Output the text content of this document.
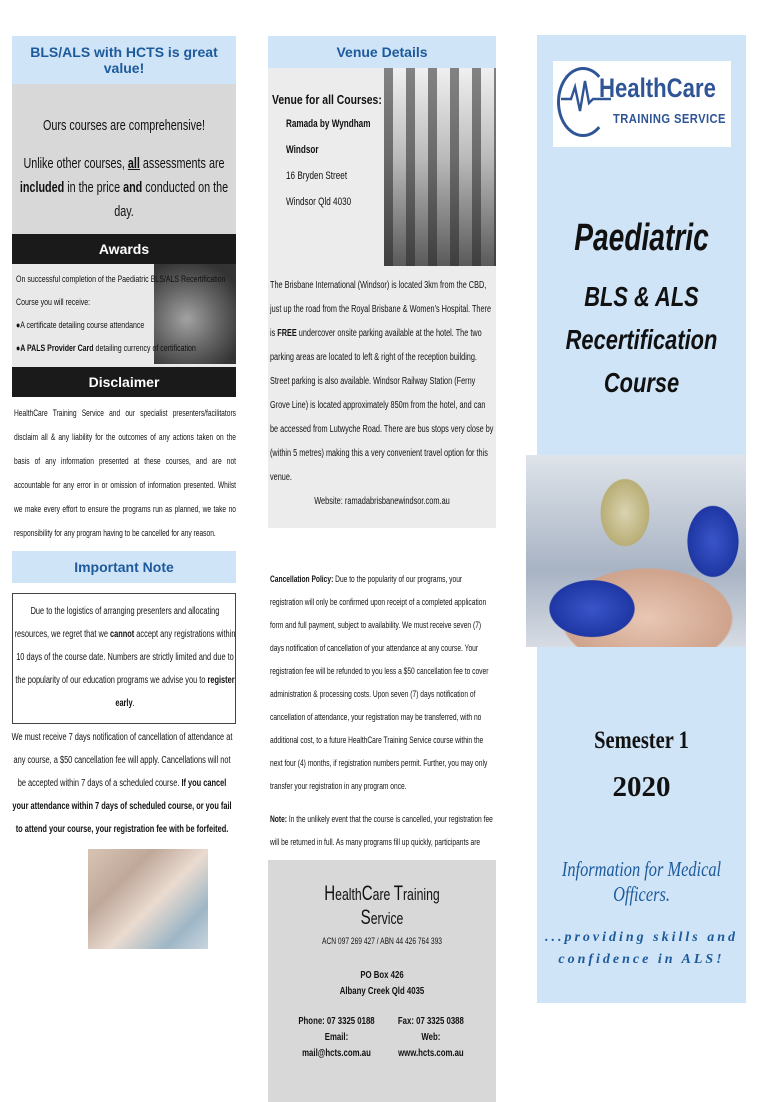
BLS/ALS with HCTS is great value!

Ours courses are comprehensive!

Unlike other courses, all assessments are included in the price and conducted on the day.

Awards
On successful completion of the Paediatric BLS/ALS Recertification Course you will receive:
●A certificate detailing course attendance
●A PALS Provider Card detailing currency of certification
Disclaimer

HealthCare Training Service and our specialist presenters/facilitators disclaim all & any liability for the outcomes of any actions taken on the basis of any information presented at these courses, and are not accountable for any error in or omission of information presented. Whilst we make every effort to ensure the programs run as planned, we take no responsibility for any program having to be cancelled for any reason.

Important Note

Due to the logistics of arranging presenters and allocating resources, we regret that we cannot accept any registrations within 10 days of the course date. Numbers are strictly limited and due to the popularity of our education programs we advise you to register early.

We must receive 7 days notification of cancellation of attendance at any course, a $50 cancellation fee will apply. Cancellations will not be accepted within 7 days of a scheduled course. If you cancel your attendance within 7 days of scheduled course, or you fail to attend your course, your registration fee with be forfeited.

Venue Details
Venue for all Courses:
Ramada by Wyndham
Windsor
16 Bryden Street
Windsor Qld 4030

The Brisbane International (Windsor) is located 3km from the CBD, just up the road from the Royal Brisbane & Women's Hospital. There is FREE undercover onsite parking available at the hotel. The two parking areas are located to left & right of the reception building. Street parking is also available. Windsor Railway Station (Ferny Grove Line) is located approximately 850m from the hotel, and can be accessed from Lutwyche Road. There are bus stops very close by (within 5 metres) making this a very convenient travel option for this venue.

Website: ramadabrisbanewindsor.com.au

Cancellation Policy: Due to the popularity of our programs, your registration will only be confirmed upon receipt of a completed application form and full payment, subject to availability. We must receive seven (7) days notification of cancellation of your attendance at any course. Your registration fee will be refunded to you less a $50 cancellation fee to cover administration & processing costs. Upon seven (7) days notification of cancellation of attendance, your registration may be transferred, with no additional cost, to a future HealthCare Training Service course within the next four (4) months, if registration numbers permit. Further, you may only transfer your registration in any program once.

Note: In the unlikely event that the course is cancelled, your registration fee will be returned in full. As many programs fill up quickly, participants are

HealthCare Training Service
ACN 097 269 427 / ABN 44 426 764 393
PO Box 426
Albany Creek Qld 4035
Phone: 07 3325 0188
Email: mail@hcts.com.au
Fax: 07 3325 0388
Web: www.hcts.com.au
HealthCare
TRAINING SERVICE
Paediatric
BLS & ALS
Recertification
Course
Semester 1
2020
Information for Medical Officers.
...providing skills and
confidence in ALS!
